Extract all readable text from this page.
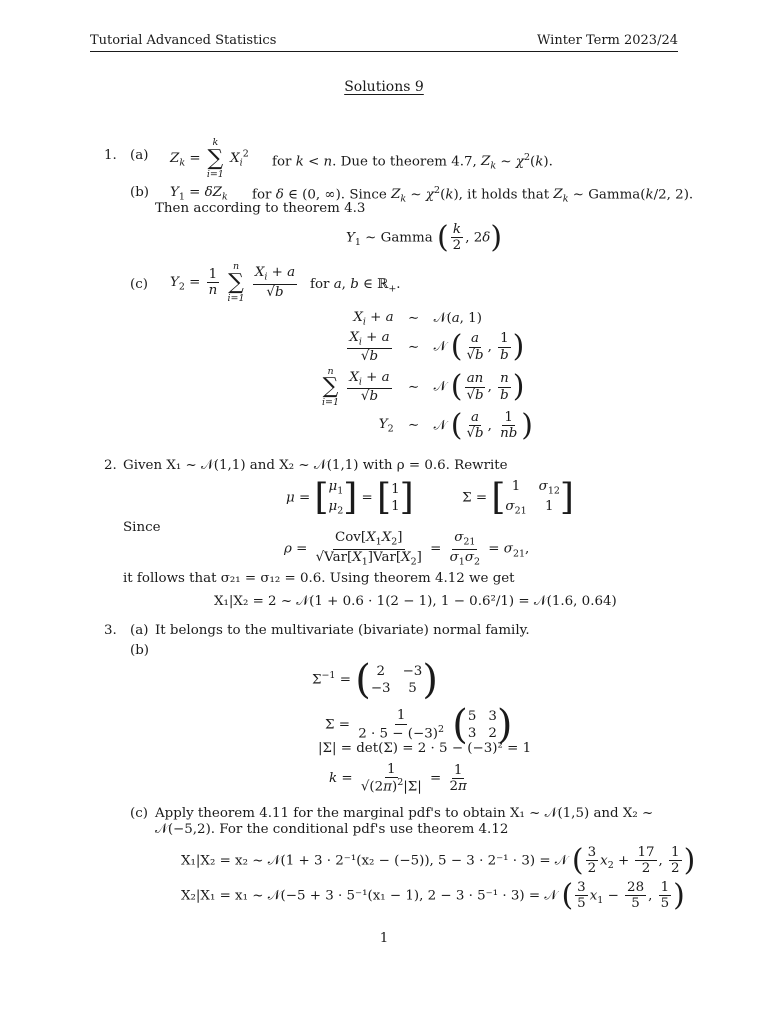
Tutorial Advanced Statistics	Winter Term 2023/24
Solutions 9
1. (a) $Z_k$ =
k
∑
i=1
$X_i^2$
for k < n. Due to theorem 4.7, $Z_k$ ∼ $\chi^2(k)$.
(b) $Y_1 = \delta Z_k$ for δ ∈ (0, ∞). Since $Z_k$ ∼ $\chi^2(k)$, it holds that $Z_k$ ∼ Gamma(k/2, 2).
Then according to theorem 4.3
$Y_1$ ∼ Gamma ( $\frac{k}{2}$ , 2δ)
(c) $Y_2 = \frac{1}{n}$

n
∑
i=1
$\frac{X_i + a}{√b}$ for a, b ∈ ℝ$_+$.
$X_i + a$ ∼ 𝒩(a, 1)
$\frac{X_i + a}{√b}$ ∼ 𝒩 ( $\frac{a}{√b}$ , $\frac{1}{b}$ )
n
∑
i=1
$\frac{X_i + a}{√b}$ ∼ 𝒩 ( $\frac{an}{√b}$ , $\frac{n}{b}$ )
$Y_2$ ∼ 𝒩 ( $\frac{a}{√b}$ , $\frac{1}{nb}$ )
2. Given X₁ ~ 𝒩(1,1) and X₂ ~ 𝒩(1,1) with ρ = 0.6. Rewrite
μ = [ $\mu_1$
$\mu_2$ ] = [ 1
1 ]	Σ = [ 1	$\sigma_{12}$
$\sigma_{21}$	1 ]
Since
$\rho = \frac{Cov[X_1X_2]}{√Var[X_1]Var[X_2]} = \frac{\sigma_{21}}{\sigma_1\sigma_2} = \sigma_{21}$,
it follows that σ₂₁ = σ₁₂ = 0.6. Using theorem 4.12 we get
X₁|X₂ = 2 ~ 𝒩(1 + 0.6 · 1(2 − 1), 1 − 0.6²/1) = 𝒩(1.6, 0.64)
3. (a) It belongs to the multivariate (bivariate) normal family.
(b)
$\Sigma^{-1}$ = ( 2	−3
−3	5 )
$\Sigma = \frac{1}{2 \cdot 5 - (-3)^2}$ ( 5 3
3 2 )
|Σ| = det(Σ) = 2 · 5 − (−3)² = 1
$k = \frac{1}{√(2\pi)^2|\Sigma|} = \frac{1}{2\pi}$
(c) Apply theorem 4.11 for the marginal pdf's to obtain X₁ ~ 𝒩(1,5) and X₂ ~
𝒩(−5,2). For the conditional pdf's use theorem 4.12
X₁|X₂ = x₂ ~ 𝒩(1 + 3 · 2⁻¹(x₂ − (−5)), 5 − 3 · 2⁻¹ · 3) = 𝒩 ( $\frac{3}{2} x_2 + \frac{17}{2}$ , $\frac{1}{2}$ )
X₂|X₁ = x₁ ~ 𝒩(−5 + 3 · 5⁻¹(x₁ − 1), 2 − 3 · 5⁻¹ · 3) = 𝒩 ( $\frac{3}{5} x_1 - \frac{28}{5}$ , $\frac{1}{5}$ )
1
